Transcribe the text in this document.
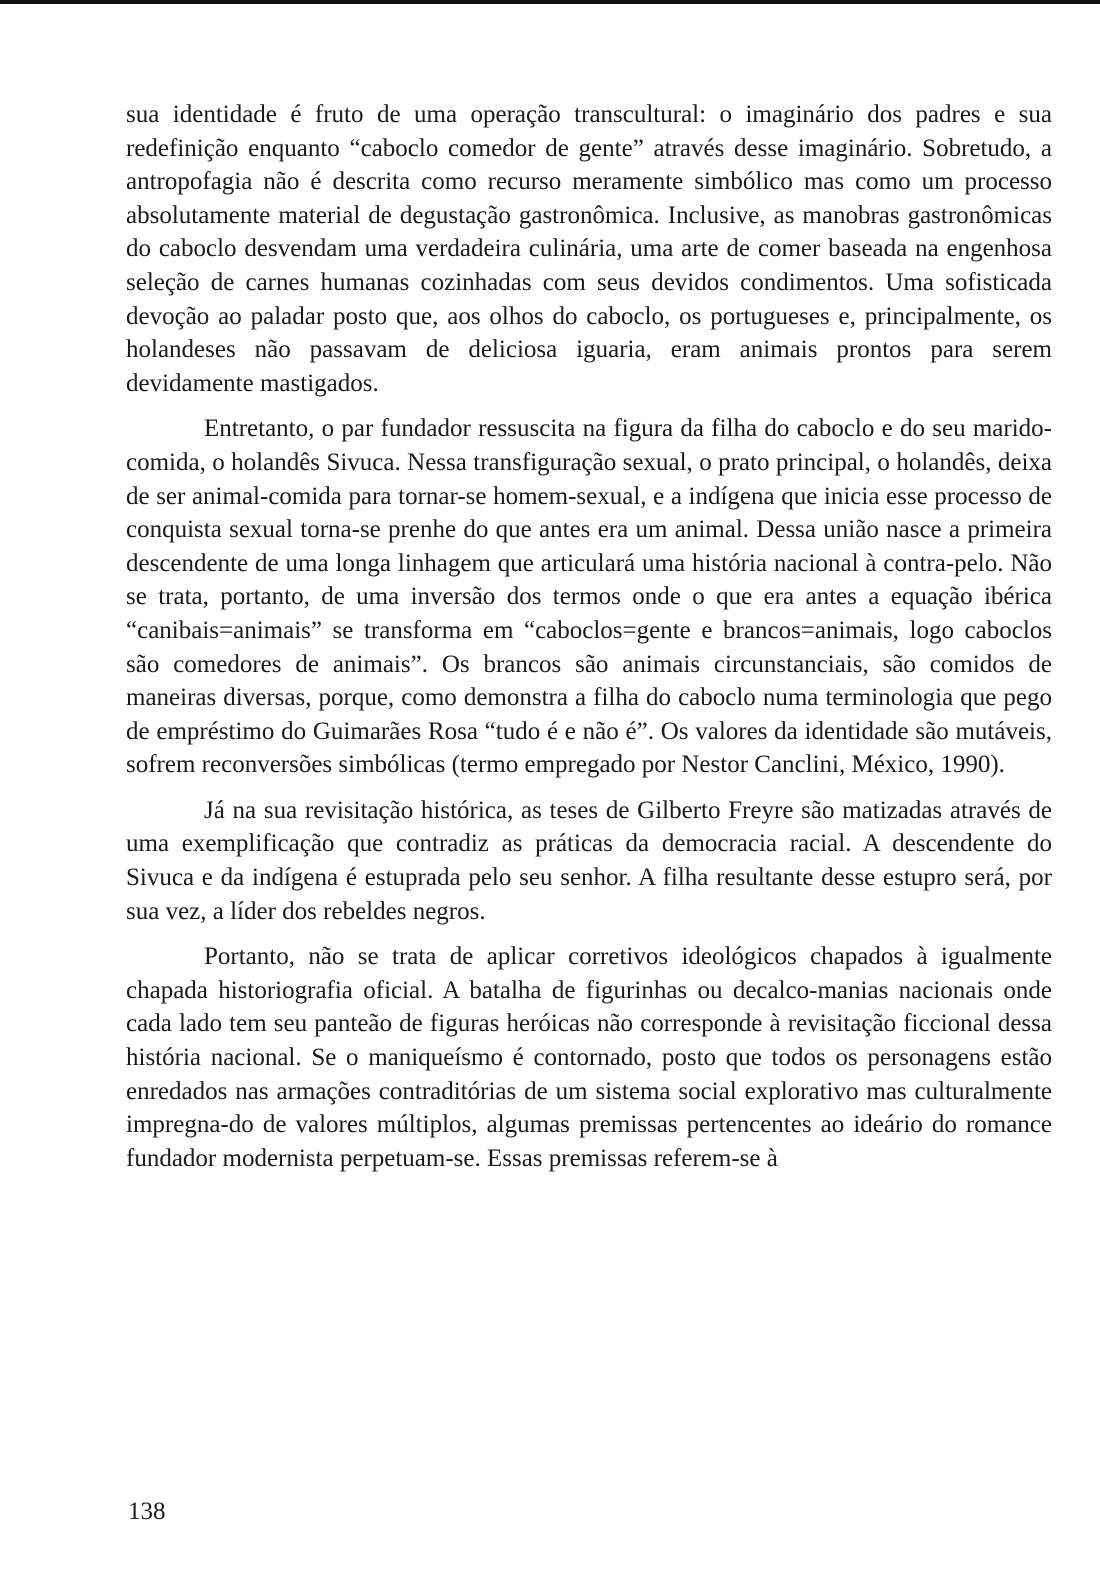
sua identidade é fruto de uma operação transcultural: o imaginário dos padres e sua redefinição enquanto “caboclo comedor de gente” através desse imaginário. Sobretudo, a antropofagia não é descrita como recurso meramente simbólico mas como um processo absolutamente material de degustação gastronômica. Inclusive, as manobras gastronômicas do caboclo desvendam uma verdadeira culinária, uma arte de comer baseada na engenhosa seleção de carnes humanas cozinhadas com seus devidos condimentos. Uma sofisticada devoção ao paladar posto que, aos olhos do caboclo, os portugueses e, principalmente, os holandeses não passavam de deliciosa iguaria, eram animais prontos para serem devidamente mastigados.

Entretanto, o par fundador ressuscita na figura da filha do caboclo e do seu marido-comida, o holandês Sivuca. Nessa transfiguração sexual, o prato principal, o holandês, deixa de ser animal-comida para tornar-se homem-sexual, e a indígena que inicia esse processo de conquista sexual torna-se prenhe do que antes era um animal. Dessa união nasce a primeira descendente de uma longa linhagem que articulará uma história nacional à contra-pelo. Não se trata, portanto, de uma inversão dos termos onde o que era antes a equação ibérica “canibais=animais” se transforma em “caboclos=gente e brancos=animais, logo caboclos são comedores de animais”. Os brancos são animais circunstanciais, são comidos de maneiras diversas, porque, como demonstra a filha do caboclo numa terminologia que pego de empréstimo do Guimarães Rosa “tudo é e não é”. Os valores da identidade são mutáveis, sofrem reconversões simbólicas (termo empregado por Nestor Canclini, México, 1990).

Já na sua revisitação histórica, as teses de Gilberto Freyre são matizadas através de uma exemplificação que contradiz as práticas da democracia racial. A descendente do Sivuca e da indígena é estuprada pelo seu senhor. A filha resultante desse estupro será, por sua vez, a líder dos rebeldes negros.

Portanto, não se trata de aplicar corretivos ideológicos chapados à igualmente chapada historiografia oficial. A batalha de figurinhas ou decalco-manias nacionais onde cada lado tem seu panteão de figuras heróicas não corresponde à revisitação ficcional dessa história nacional. Se o maniqueísmo é contornado, posto que todos os personagens estão enredados nas armações contraditórias de um sistema social explorativo mas culturalmente impregna-do de valores múltiplos, algumas premissas pertencentes ao ideário do romance fundador modernista perpetuam-se. Essas premissas referem-se à

138
